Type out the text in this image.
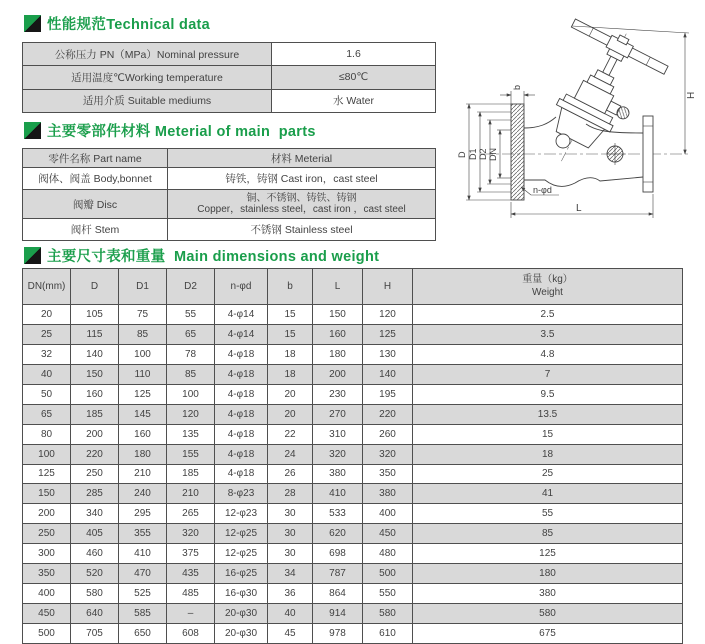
性能规范Technical data
公称压力 PN（MPa）Nominal pressure	1.6
适用温度℃Working temperature	≤80℃
适用介质 Suitable mediums	水 Water
主要零部件材料 Meterial of main  parts
零件名称 Part name	材料 Meterial
阀体、阀盖 Body,bonnet	铸铁，铸钢 Cast iron，cast steel
阀瓣 Disc	铜、不锈钢、铸铁、铸钢
Copper，stainless steel，cast iron ，cast steel

阀杆 Stem	不锈钢 Stainless steel
D D1 D2 DN
b
H
L
n-φd
主要尺寸表和重量  Main dimensions and weight
DN(mm)	D	D1	D2	n-φd	b	L	H	重量（kg）
Weight

20	105	75	55	4-φ14	15	150	120	2.5
25	115	85	65	4-φ14	15	160	125	3.5
32	140	100	78	4-φ18	18	180	130	4.8
40	150	110	85	4-φ18	18	200	140	7
50	160	125	100	4-φ18	20	230	195	9.5
65	185	145	120	4-φ18	20	270	220	13.5
80	200	160	135	4-φ18	22	310	260	15
100	220	180	155	4-φ18	24	320	320	18
125	250	210	185	4-φ18	26	380	350	25
150	285	240	210	8-φ23	28	410	380	41
200	340	295	265	12-φ23	30	533	400	55
250	405	355	320	12-φ25	30	620	450	85
300	460	410	375	12-φ25	30	698	480	125
350	520	470	435	16-φ25	34	787	500	180
400	580	525	485	16-φ30	36	864	550	380
450	640	585	–	20-φ30	40	914	580	580
500	705	650	608	20-φ30	45	978	610	675
